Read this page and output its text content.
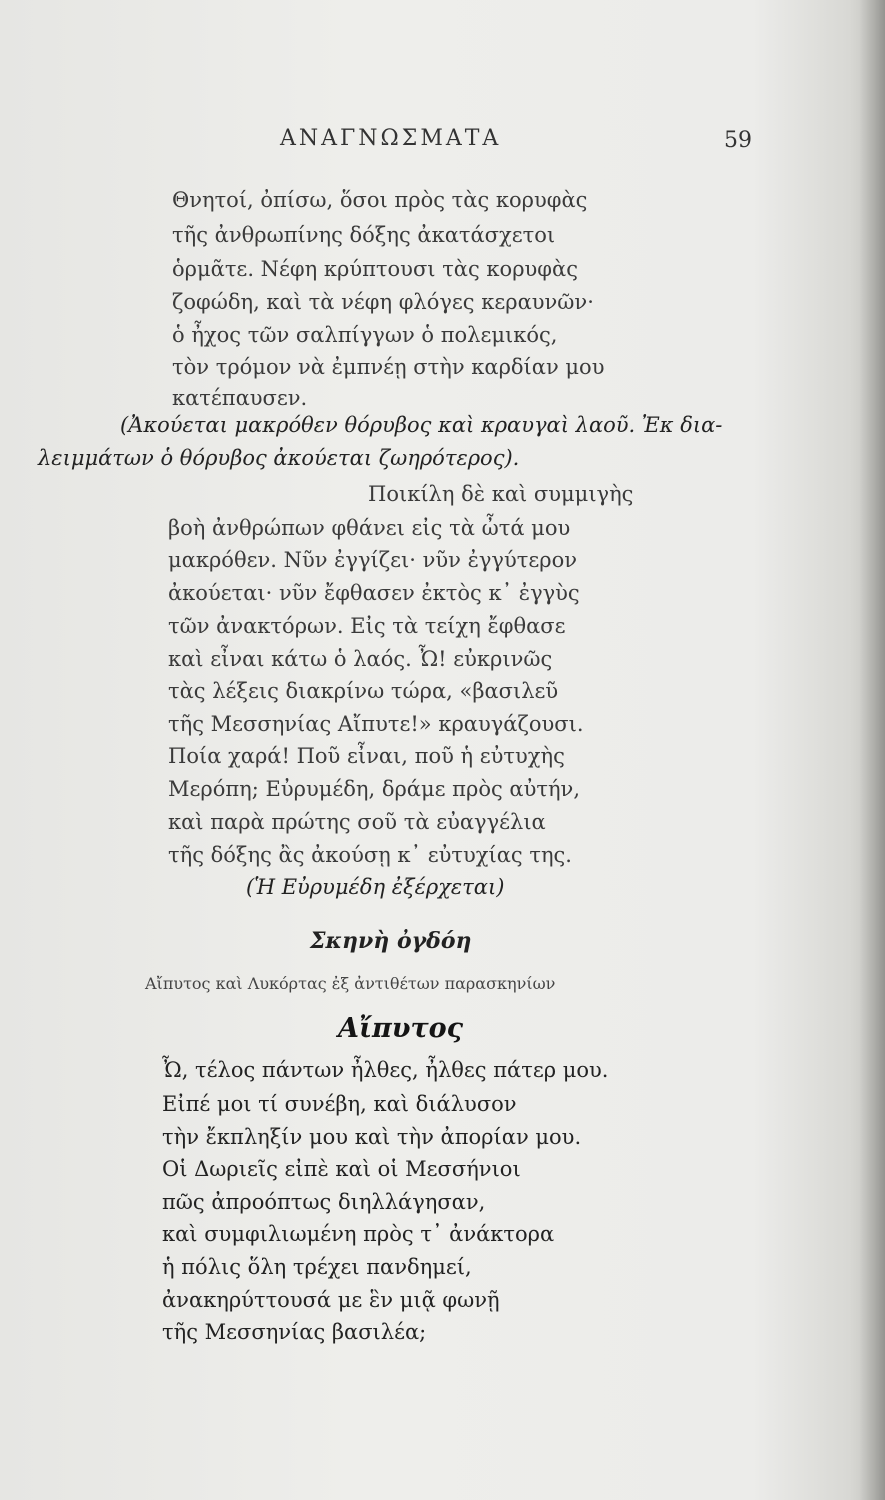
ΑΝΑΓΝΩΣΜΑΤΑ	59
Θνητοί, ὀπίσω, ὅσοι πρὸς τὰς κορυφὰς
τῆς ἀνθρωπίνης δόξης ἀκατάσχετοι
ὁρμᾶτε. Νέφη κρύπτουσι τὰς κορυφὰς
ζοφώδη, καὶ τὰ νέφη φλόγες κεραυνῶν·
ὁ ἦχος τῶν σαλπίγγων ὁ πολεμικός,
τὸν τρόμον νὰ ἐμπνέῃ στὴν καρδίαν μου
κατέπαυσεν.
(Ἀκούεται μακρόθεν θόρυβος καὶ κραυγαὶ λαοῦ. Ἐκ δια-
λειμμάτων ὁ θόρυβος ἀκούεται ζωηρότερος).
Ποικίλη δὲ καὶ συμμιγὴς
βοὴ ἀνθρώπων φθάνει εἰς τὰ ὦτά μου
μακρόθεν. Νῦν ἐγγίζει· νῦν ἐγγύτερον
ἀκούεται· νῦν ἔφθασεν ἐκτὸς κ᾽ ἐγγὺς
τῶν ἀνακτόρων. Εἰς τὰ τείχη ἔφθασε
καὶ εἶναι κάτω ὁ λαός. Ὦ! εὐκρινῶς
τὰς λέξεις διακρίνω τώρα, «βασιλεῦ
τῆς Μεσσηνίας Αἴπυτε!» κραυγάζουσι.
Ποία χαρά! Ποῦ εἶναι, ποῦ ἡ εὐτυχὴς
Μερόπη; Εὐρυμέδη, δράμε πρὸς αὐτήν,
καὶ παρὰ πρώτης σοῦ τὰ εὐαγγέλια
τῆς δόξης ἂς ἀκούσῃ κ᾽ εὐτυχίας της.
(Ἡ Εὐρυμέδη ἐξέρχεται)
Σκηνὴ ὀγδόη
Αἴπυτος καὶ Λυκόρτας ἐξ ἀντιθέτων παρασκηνίων
Αἴπυτος
Ὦ, τέλος πάντων ἦλθες, ἦλθες πάτερ μου.
Εἰπέ μοι τί συνέβη, καὶ διάλυσον
τὴν ἔκπληξίν μου καὶ τὴν ἀπορίαν μου.
Οἱ Δωριεῖς εἰπὲ καὶ οἱ Μεσσήνιοι
πῶς ἀπροόπτως διηλλάγησαν,
καὶ συμφιλιωμένη πρὸς τ᾽ ἀνάκτορα
ἡ πόλις ὅλη τρέχει πανδημεί,
ἀνακηρύττουσά με ἓν μιᾷ φωνῇ
τῆς Μεσσηνίας βασιλέα;
